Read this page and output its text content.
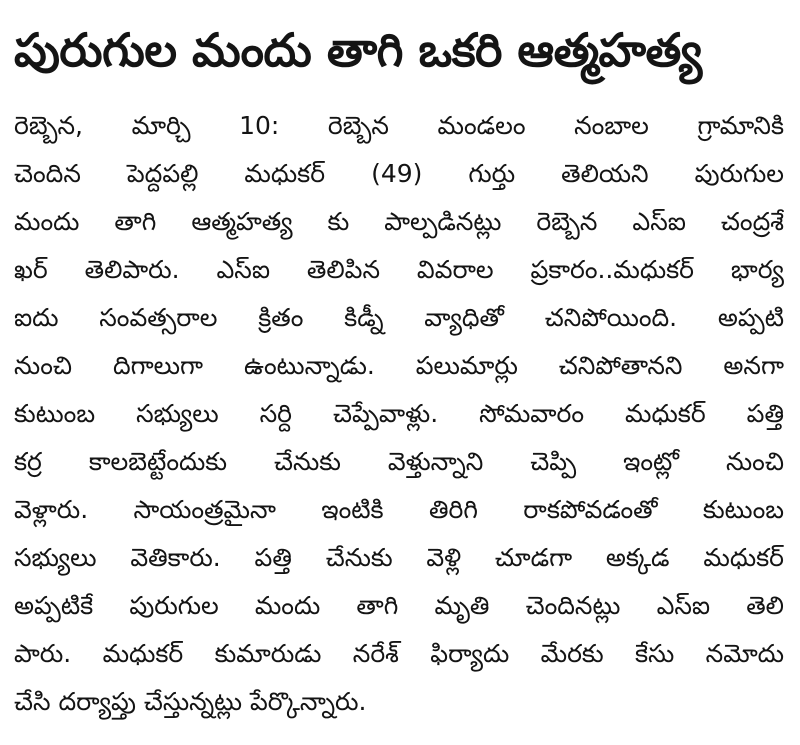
పురుగుల మందు తాగి ఒకరి ఆత్మహత్య
రెబ్బెన, మార్చి 10: రెబ్బెన మండలం నంబాల గ్రామానికి
చెందిన పెద్దపల్లి మధుకర్ (49) గుర్తు తెలియని పురుగుల
మందు తాగి ఆత్మహత్య కు పాల్పడినట్లు రెబ్బెన ఎస్ఐ చంద్రశే
ఖర్ తెలిపారు. ఎస్ఐ తెలిపిన వివరాల ప్రకారం..మధుకర్ భార్య
ఐదు సంవత్సరాల క్రితం కిడ్నీ వ్యాధితో చనిపోయింది. అప్పటి
నుంచి దిగాలుగా ఉంటున్నాడు. పలుమార్లు చనిపోతానని అనగా
కుటుంబ సభ్యులు సర్ది చెప్పేవాళ్లు. సోమవారం మధుకర్ పత్తి
కర్ర కాలబెట్టేందుకు చేనుకు వెళ్తున్నాని చెప్పి ఇంట్లో నుంచి
వెళ్లారు. సాయంత్రమైనా ఇంటికి తిరిగి రాకపోవడంతో కుటుంబ
సభ్యులు వెతికారు. పత్తి చేనుకు వెళ్లి చూడగా అక్కడ మధుకర్
అప్పటికే పురుగుల మందు తాగి మృతి చెందినట్లు ఎస్ఐ తెలి
పారు. మధుకర్ కుమారుడు నరేశ్ ఫిర్యాదు మేరకు కేసు నమోదు
చేసి దర్యాప్తు చేస్తున్నట్లు పేర్కొన్నారు.
